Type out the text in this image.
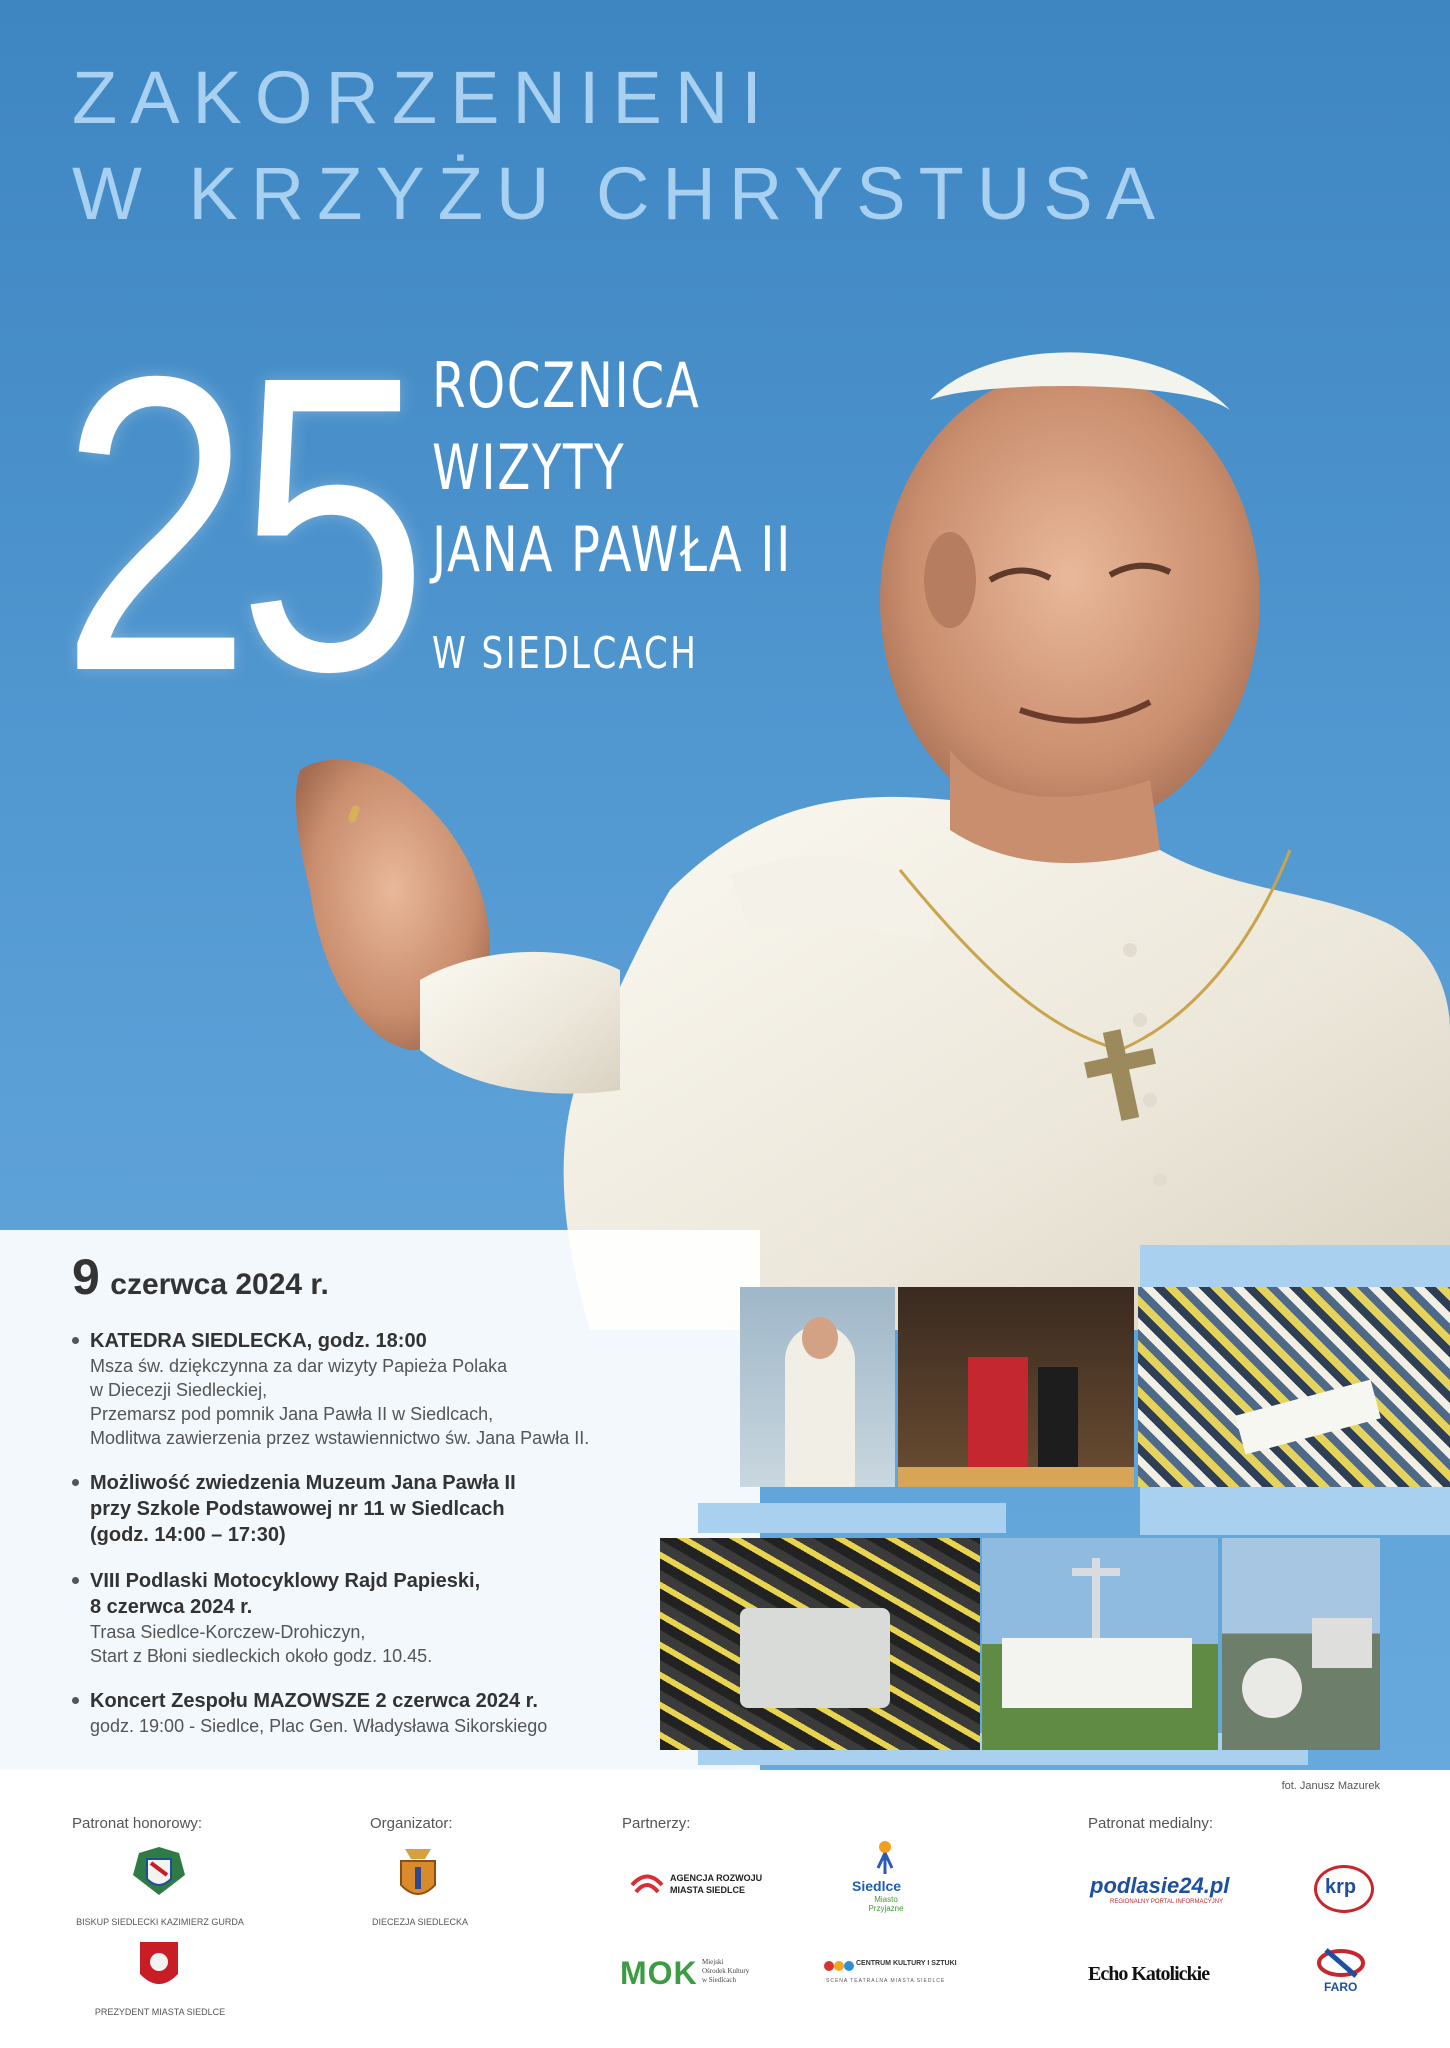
ZAKORZENIENI
W KRZYŻU CHRYSTUSA
25 ROCZNICA
WIZYTY
JANA PAWŁA II
W SIEDLCACH
9 czerwca 2024 r.
KATEDRA SIEDLECKA, godz. 18:00
Msza św. dziękczynna za dar wizyty Papieża Polaka
w Diecezji Siedleckiej,
Przemarsz pod pomnik Jana Pawła II w Siedlcach,
Modlitwa zawierzenia przez wstawiennictwo św. Jana Pawła II.
Możliwość zwiedzenia Muzeum Jana Pawła II
przy Szkole Podstawowej nr 11 w Siedlcach
(godz. 14:00 – 17:30)
VIII Podlaski Motocyklowy Rajd Papieski,
8 czerwca 2024 r.
Trasa Siedlce-Korczew-Drohiczyn,
Start z Błoni siedleckich około godz. 10.45.
Koncert Zespołu MAZOWSZE 2 czerwca 2024 r.
godz. 19:00 - Siedlce, Plac Gen. Władysława Sikorskiego
fot. Janusz Mazurek
Patronat honorowy:	Organizator:	Partnerzy:	Patronat medialny:
BISKUP SIEDLECKI KAZIMIERZ GURDA
PREZYDENT MIASTA SIEDLCE
DIECEZJA SIEDLECKA
AGENCJA ROZWOJU
MIASTA SIEDLCE	Siedlce
Miasto Przyjazne
MOK Miejski
Ośrodek Kultury
w Siedlcach
CENTRUM KULTURY I SZTUKI
SCENA TEATRALNA MIASTA SIEDLCE
podlasie24.pl
REGIONALNY PORTAL INFORMACYJNY
krp
Echo Katolickie
FARO
